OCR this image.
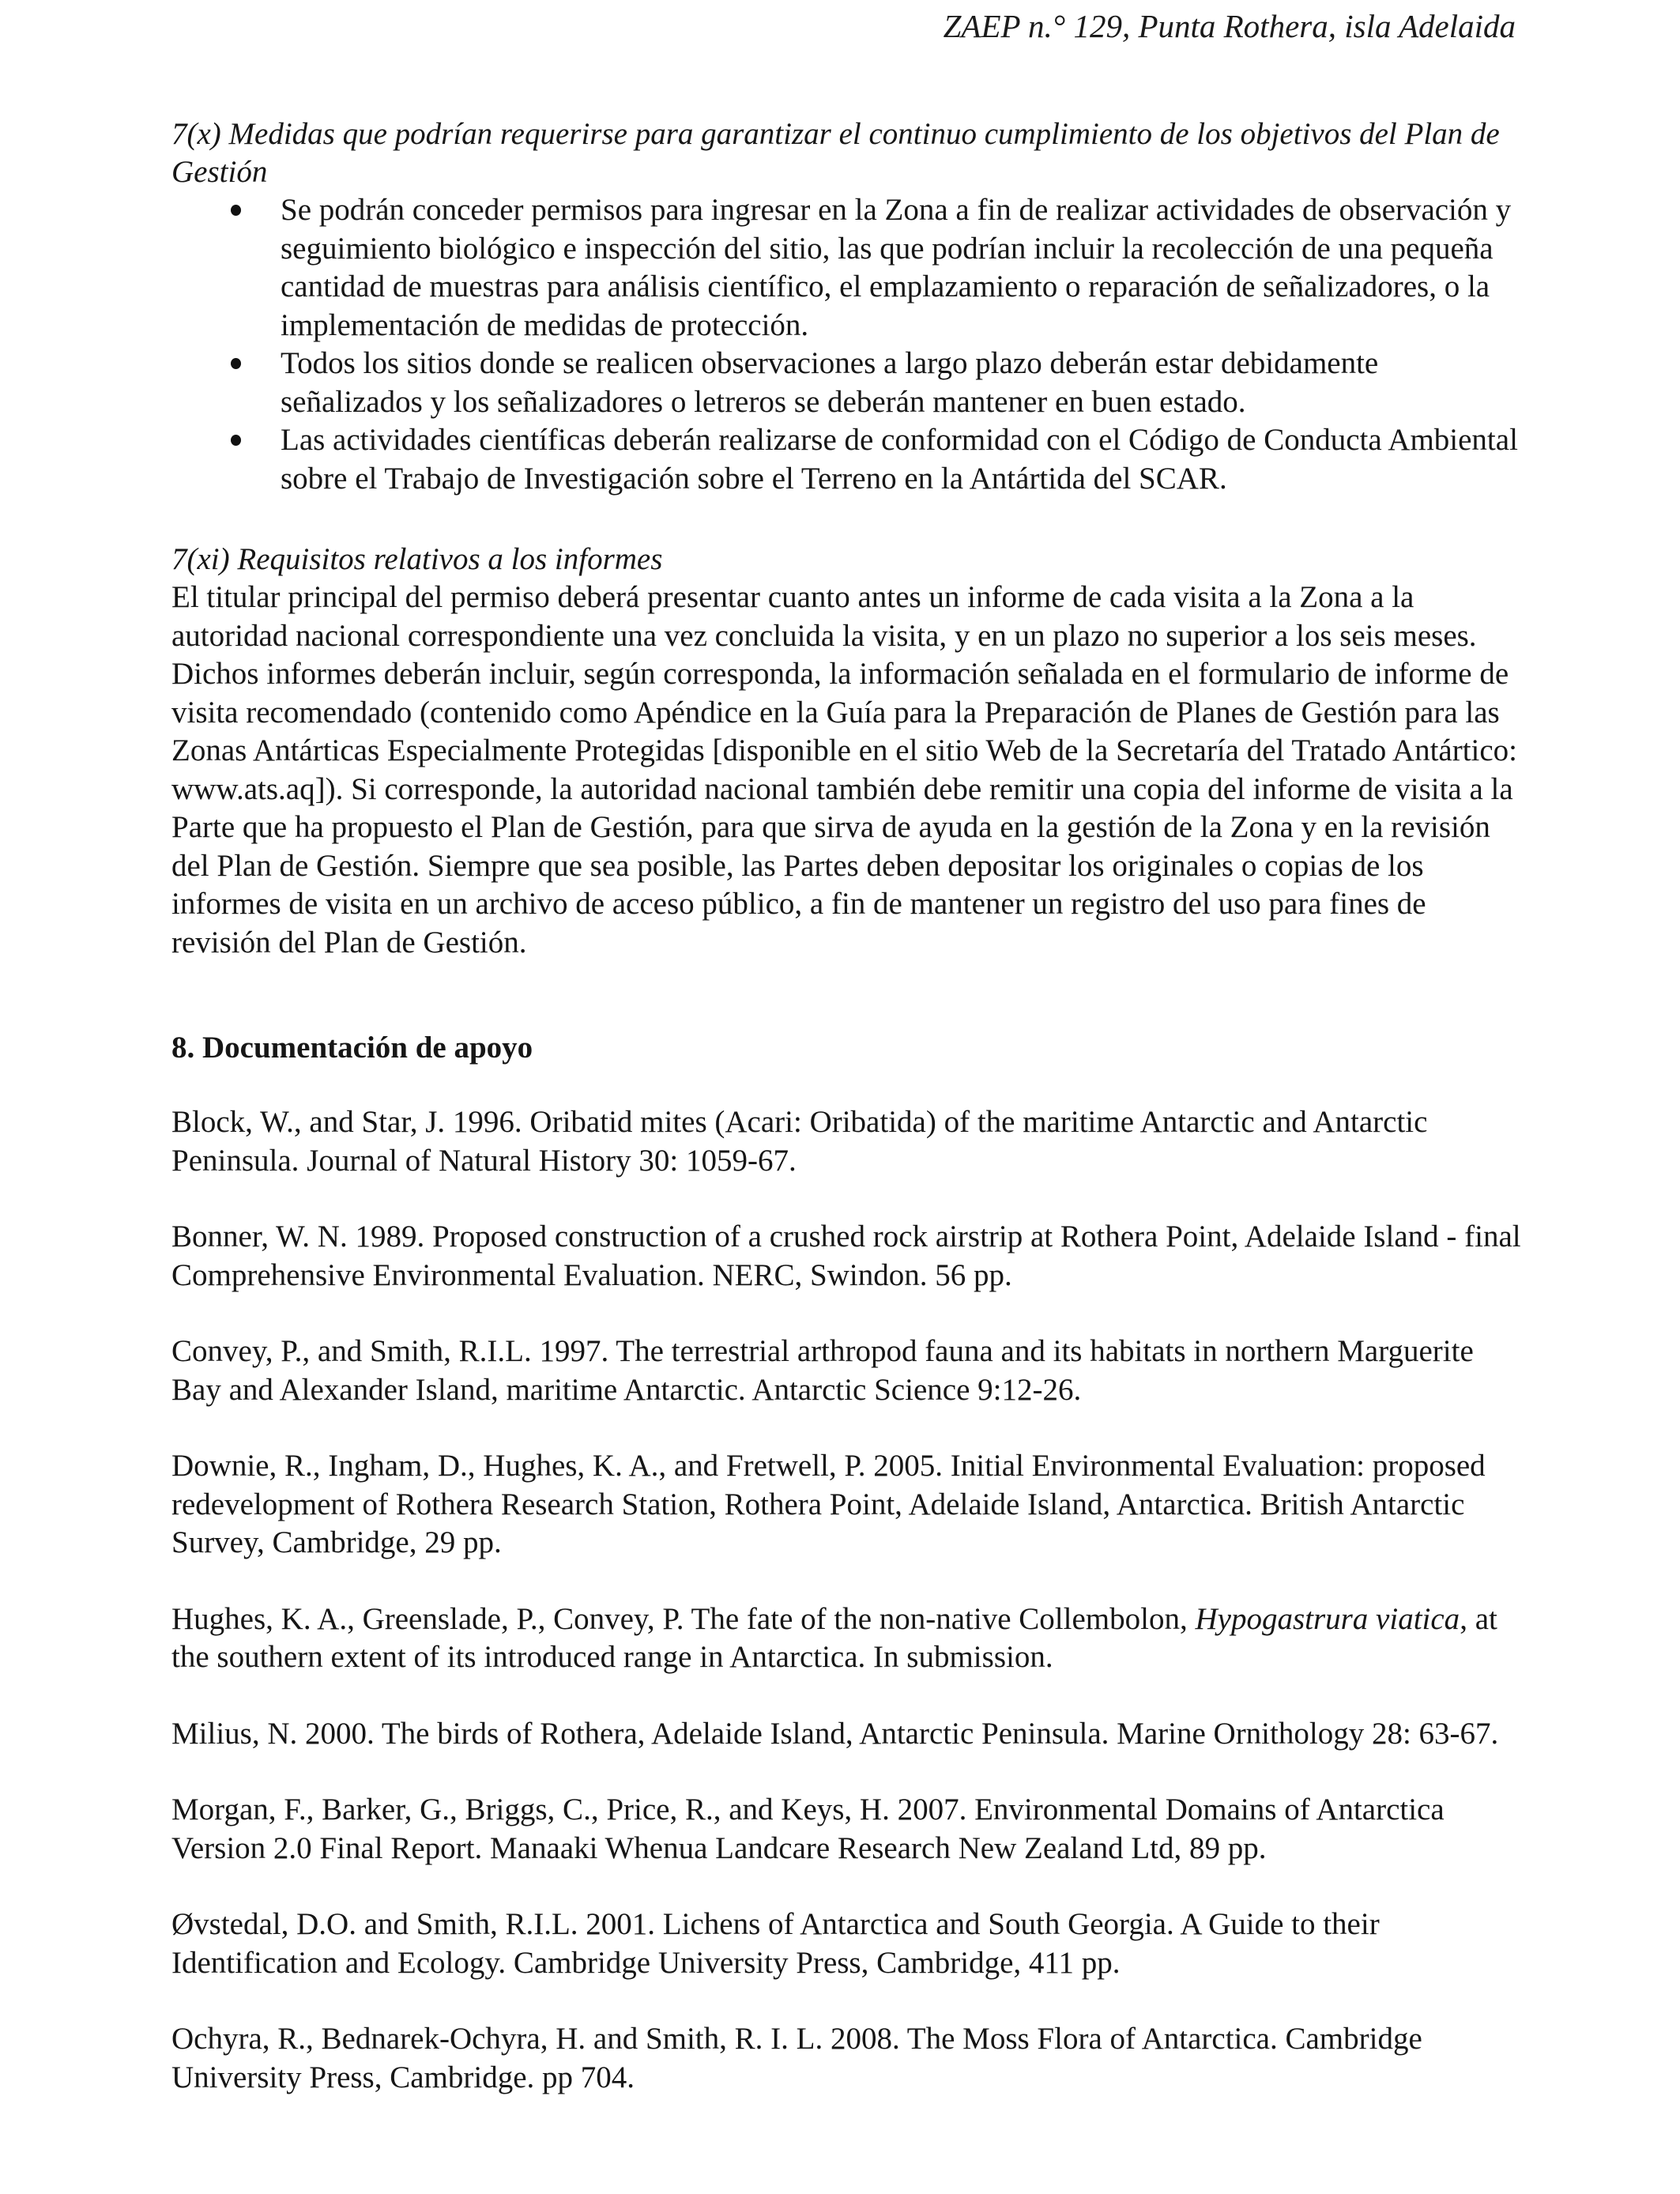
ZAEP n.° 129, Punta Rothera, isla Adelaida

7(x) Medidas que podrían requerirse para garantizar el continuo cumplimiento de los objetivos del Plan de Gestión

Se podrán conceder permisos para ingresar en la Zona a fin de realizar actividades de observación y seguimiento biológico e inspección del sitio, las que podrían incluir la recolección de una pequeña cantidad de muestras para análisis científico, el emplazamiento o reparación de señalizadores, o la implementación de medidas de protección.
Todos los sitios donde se realicen observaciones a largo plazo deberán estar debidamente señalizados y los señalizadores o letreros se deberán mantener en buen estado.
Las actividades científicas deberán realizarse de conformidad con el Código de Conducta Ambiental sobre el Trabajo de Investigación sobre el Terreno en la Antártida del SCAR.

7(xi) Requisitos relativos a los informes

El titular principal del permiso deberá presentar cuanto antes un informe de cada visita a la Zona a la autoridad nacional correspondiente una vez concluida la visita, y en un plazo no superior a los seis meses. Dichos informes deberán incluir, según corresponda, la información señalada en el formulario de informe de visita recomendado (contenido como Apéndice en la Guía para la Preparación de Planes de Gestión para las Zonas Antárticas Especialmente Protegidas [disponible en el sitio Web de la Secretaría del Tratado Antártico: www.ats.aq]). Si corresponde, la autoridad nacional también debe remitir una copia del informe de visita a la Parte que ha propuesto el Plan de Gestión, para que sirva de ayuda en la gestión de la Zona y en la revisión del Plan de Gestión. Siempre que sea posible, las Partes deben depositar los originales o copias de los informes de visita en un archivo de acceso público, a fin de mantener un registro del uso para fines de revisión del Plan de Gestión.

8. Documentación de apoyo

Block, W., and Star, J. 1996. Oribatid mites (Acari: Oribatida) of the maritime Antarctic and Antarctic Peninsula. Journal of Natural History 30: 1059-67.

Bonner, W. N. 1989. Proposed construction of a crushed rock airstrip at Rothera Point, Adelaide Island - final Comprehensive Environmental Evaluation. NERC, Swindon. 56 pp.

Convey, P., and Smith, R.I.L. 1997. The terrestrial arthropod fauna and its habitats in northern Marguerite Bay and Alexander Island, maritime Antarctic. Antarctic Science 9:12-26.

Downie, R., Ingham, D., Hughes, K. A., and Fretwell, P. 2005. Initial Environmental Evaluation: proposed redevelopment of Rothera Research Station, Rothera Point, Adelaide Island, Antarctica. British Antarctic Survey, Cambridge, 29 pp.

Hughes, K. A., Greenslade, P., Convey, P. The fate of the non-native Collembolon, Hypogastrura viatica, at the southern extent of its introduced range in Antarctica. In submission.

Milius, N. 2000. The birds of Rothera, Adelaide Island, Antarctic Peninsula. Marine Ornithology 28: 63-67.

Morgan, F., Barker, G., Briggs, C., Price, R., and Keys, H. 2007. Environmental Domains of Antarctica Version 2.0 Final Report. Manaaki Whenua Landcare Research New Zealand Ltd, 89 pp.

Øvstedal, D.O. and Smith, R.I.L. 2001. Lichens of Antarctica and South Georgia. A Guide to their Identification and Ecology. Cambridge University Press, Cambridge, 411 pp.

Ochyra, R., Bednarek-Ochyra, H. and Smith, R. I. L. 2008. The Moss Flora of Antarctica. Cambridge University Press, Cambridge. pp 704.
